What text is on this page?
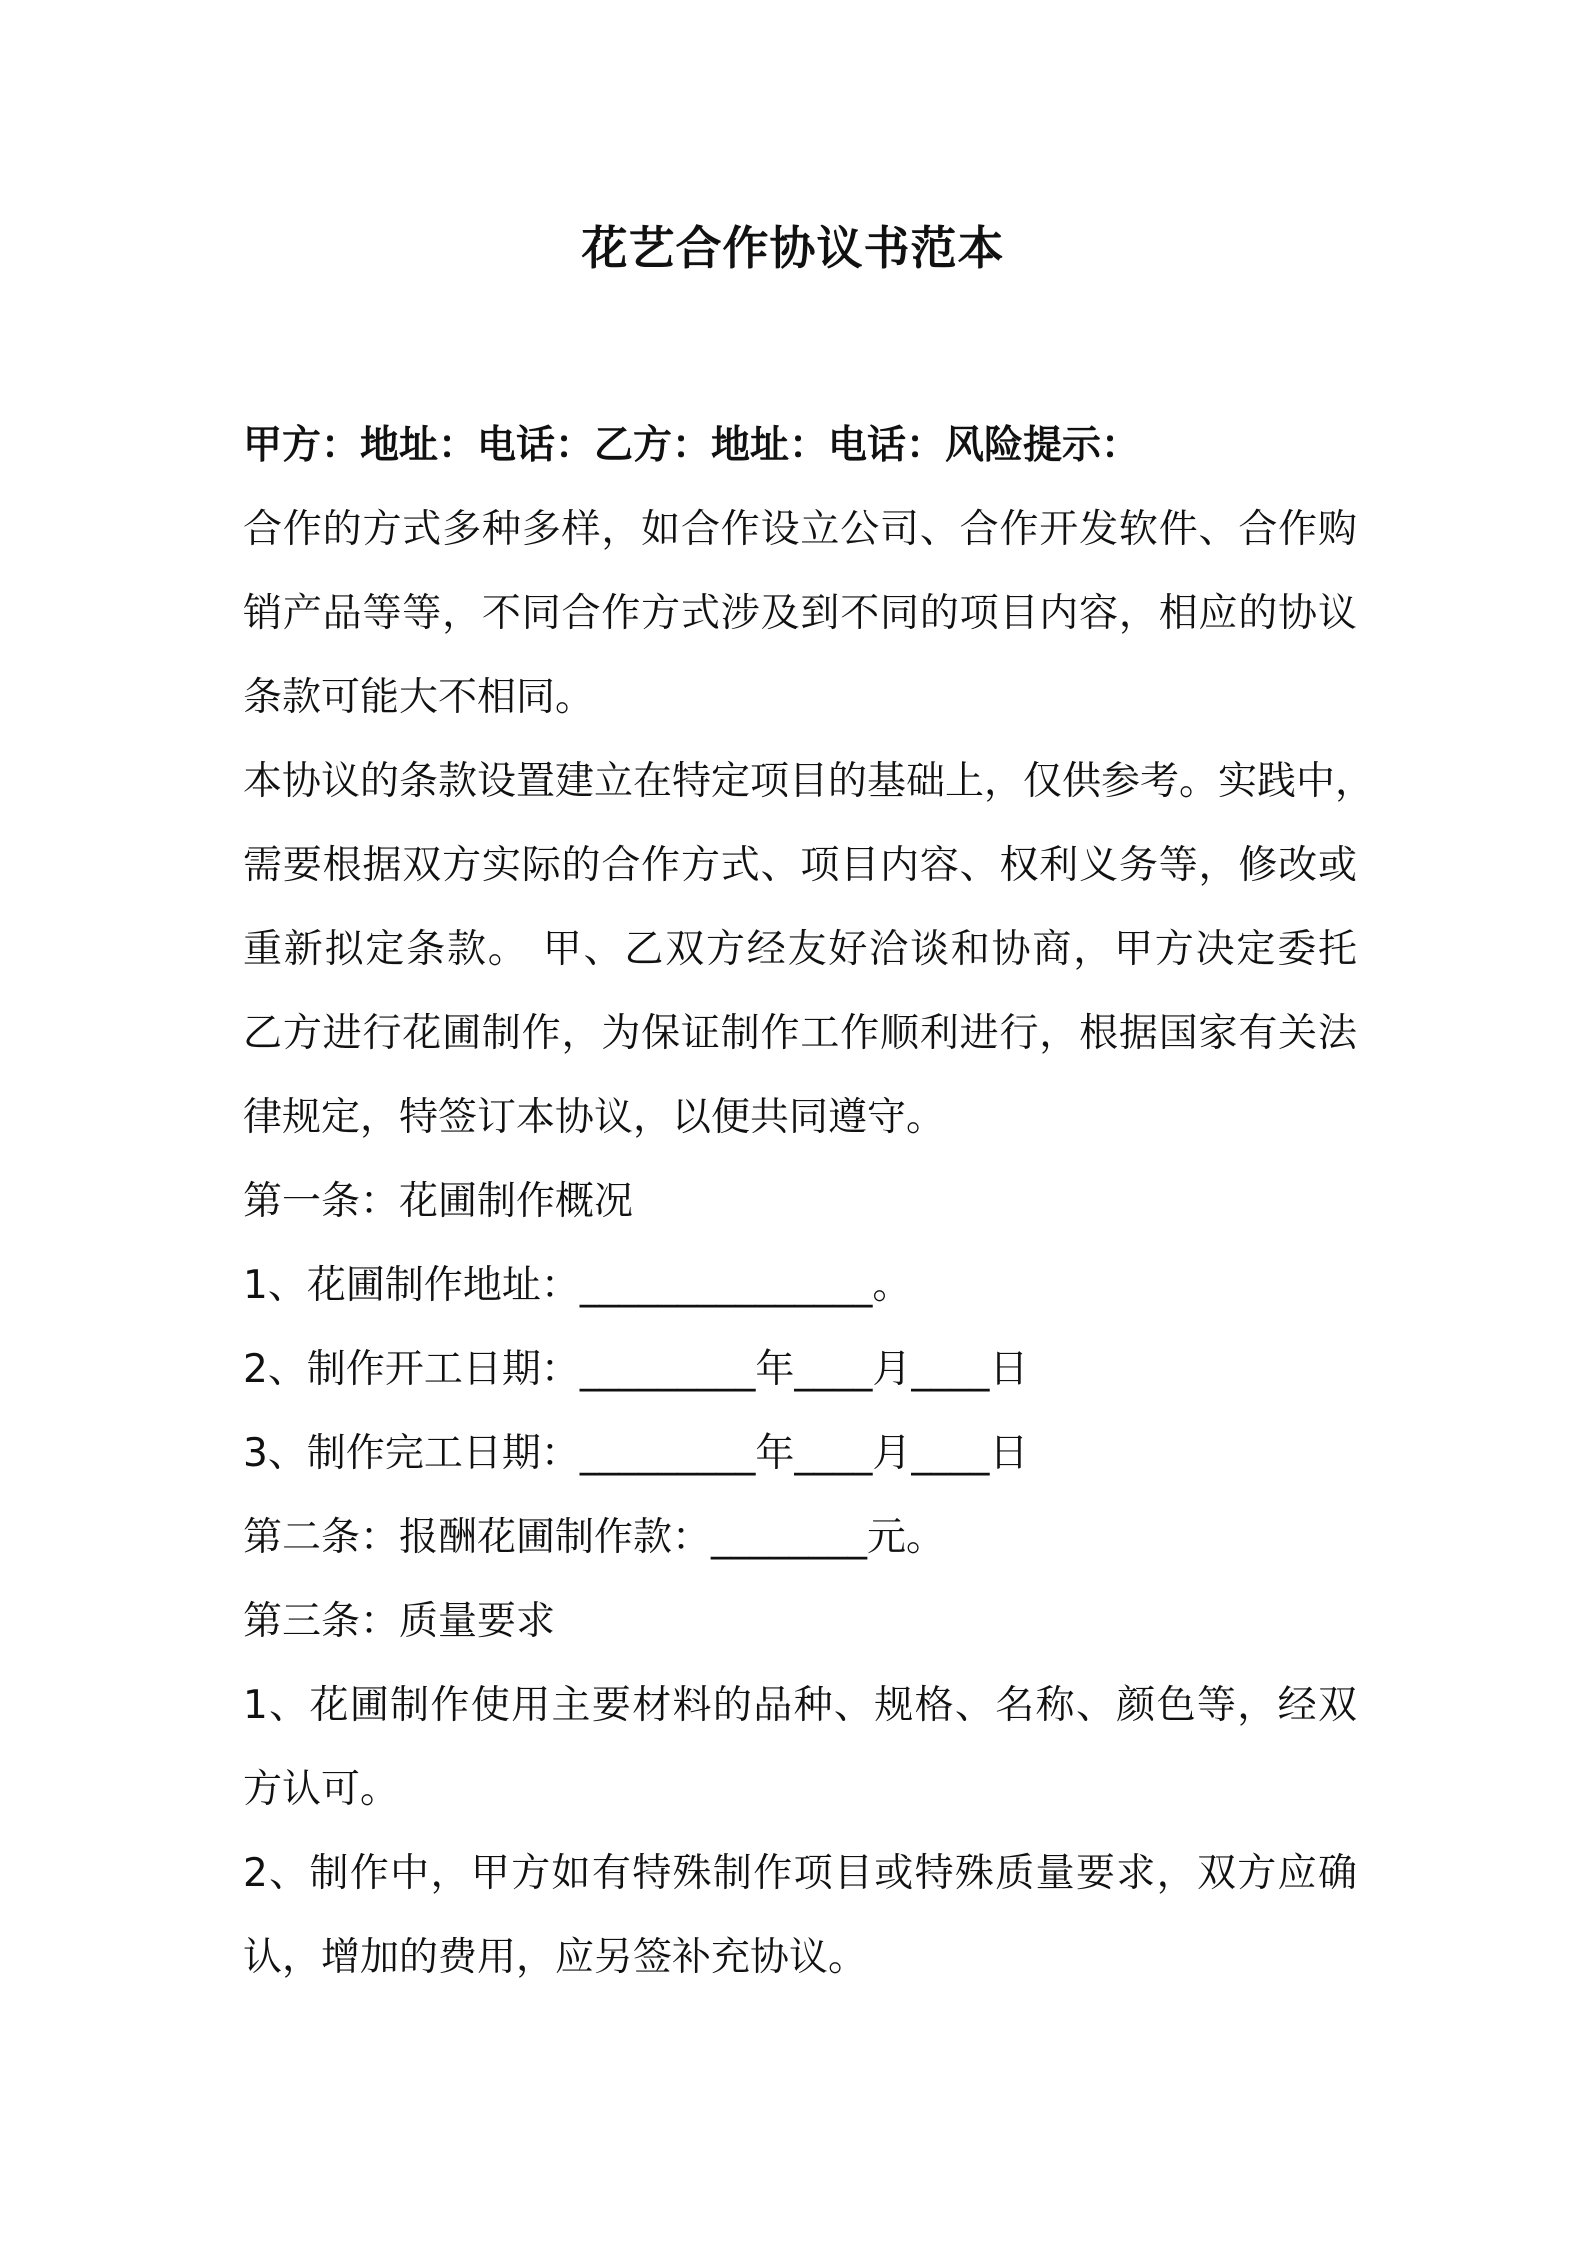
花艺合作协议书范本
甲方：地址：电话：乙方：地址：电话：风险提示：
合作的方式多种多样，如合作设立公司、合作开发软件、合作购
销产品等等，不同合作方式涉及到不同的项目内容，相应的协议
条款可能大不相同。
本协议的条款设置建立在特定项目的基础上，仅供参考。实践中，
需要根据双方实际的合作方式、项目内容、权利义务等，修改或
重新拟定条款。 甲、乙双方经友好洽谈和协商，甲方决定委托
乙方进行花圃制作，为保证制作工作顺利进行，根据国家有关法
律规定，特签订本协议，以便共同遵守。
第一条：花圃制作概况
1、花圃制作地址：_______________。
2、制作开工日期：_________年____月____日
3、制作完工日期：_________年____月____日
第二条：报酬花圃制作款：________元。
第三条：质量要求
1、花圃制作使用主要材料的品种、规格、名称、颜色等，经双
方认可。
2、制作中，甲方如有特殊制作项目或特殊质量要求，双方应确
认，增加的费用，应另签补充协议。
